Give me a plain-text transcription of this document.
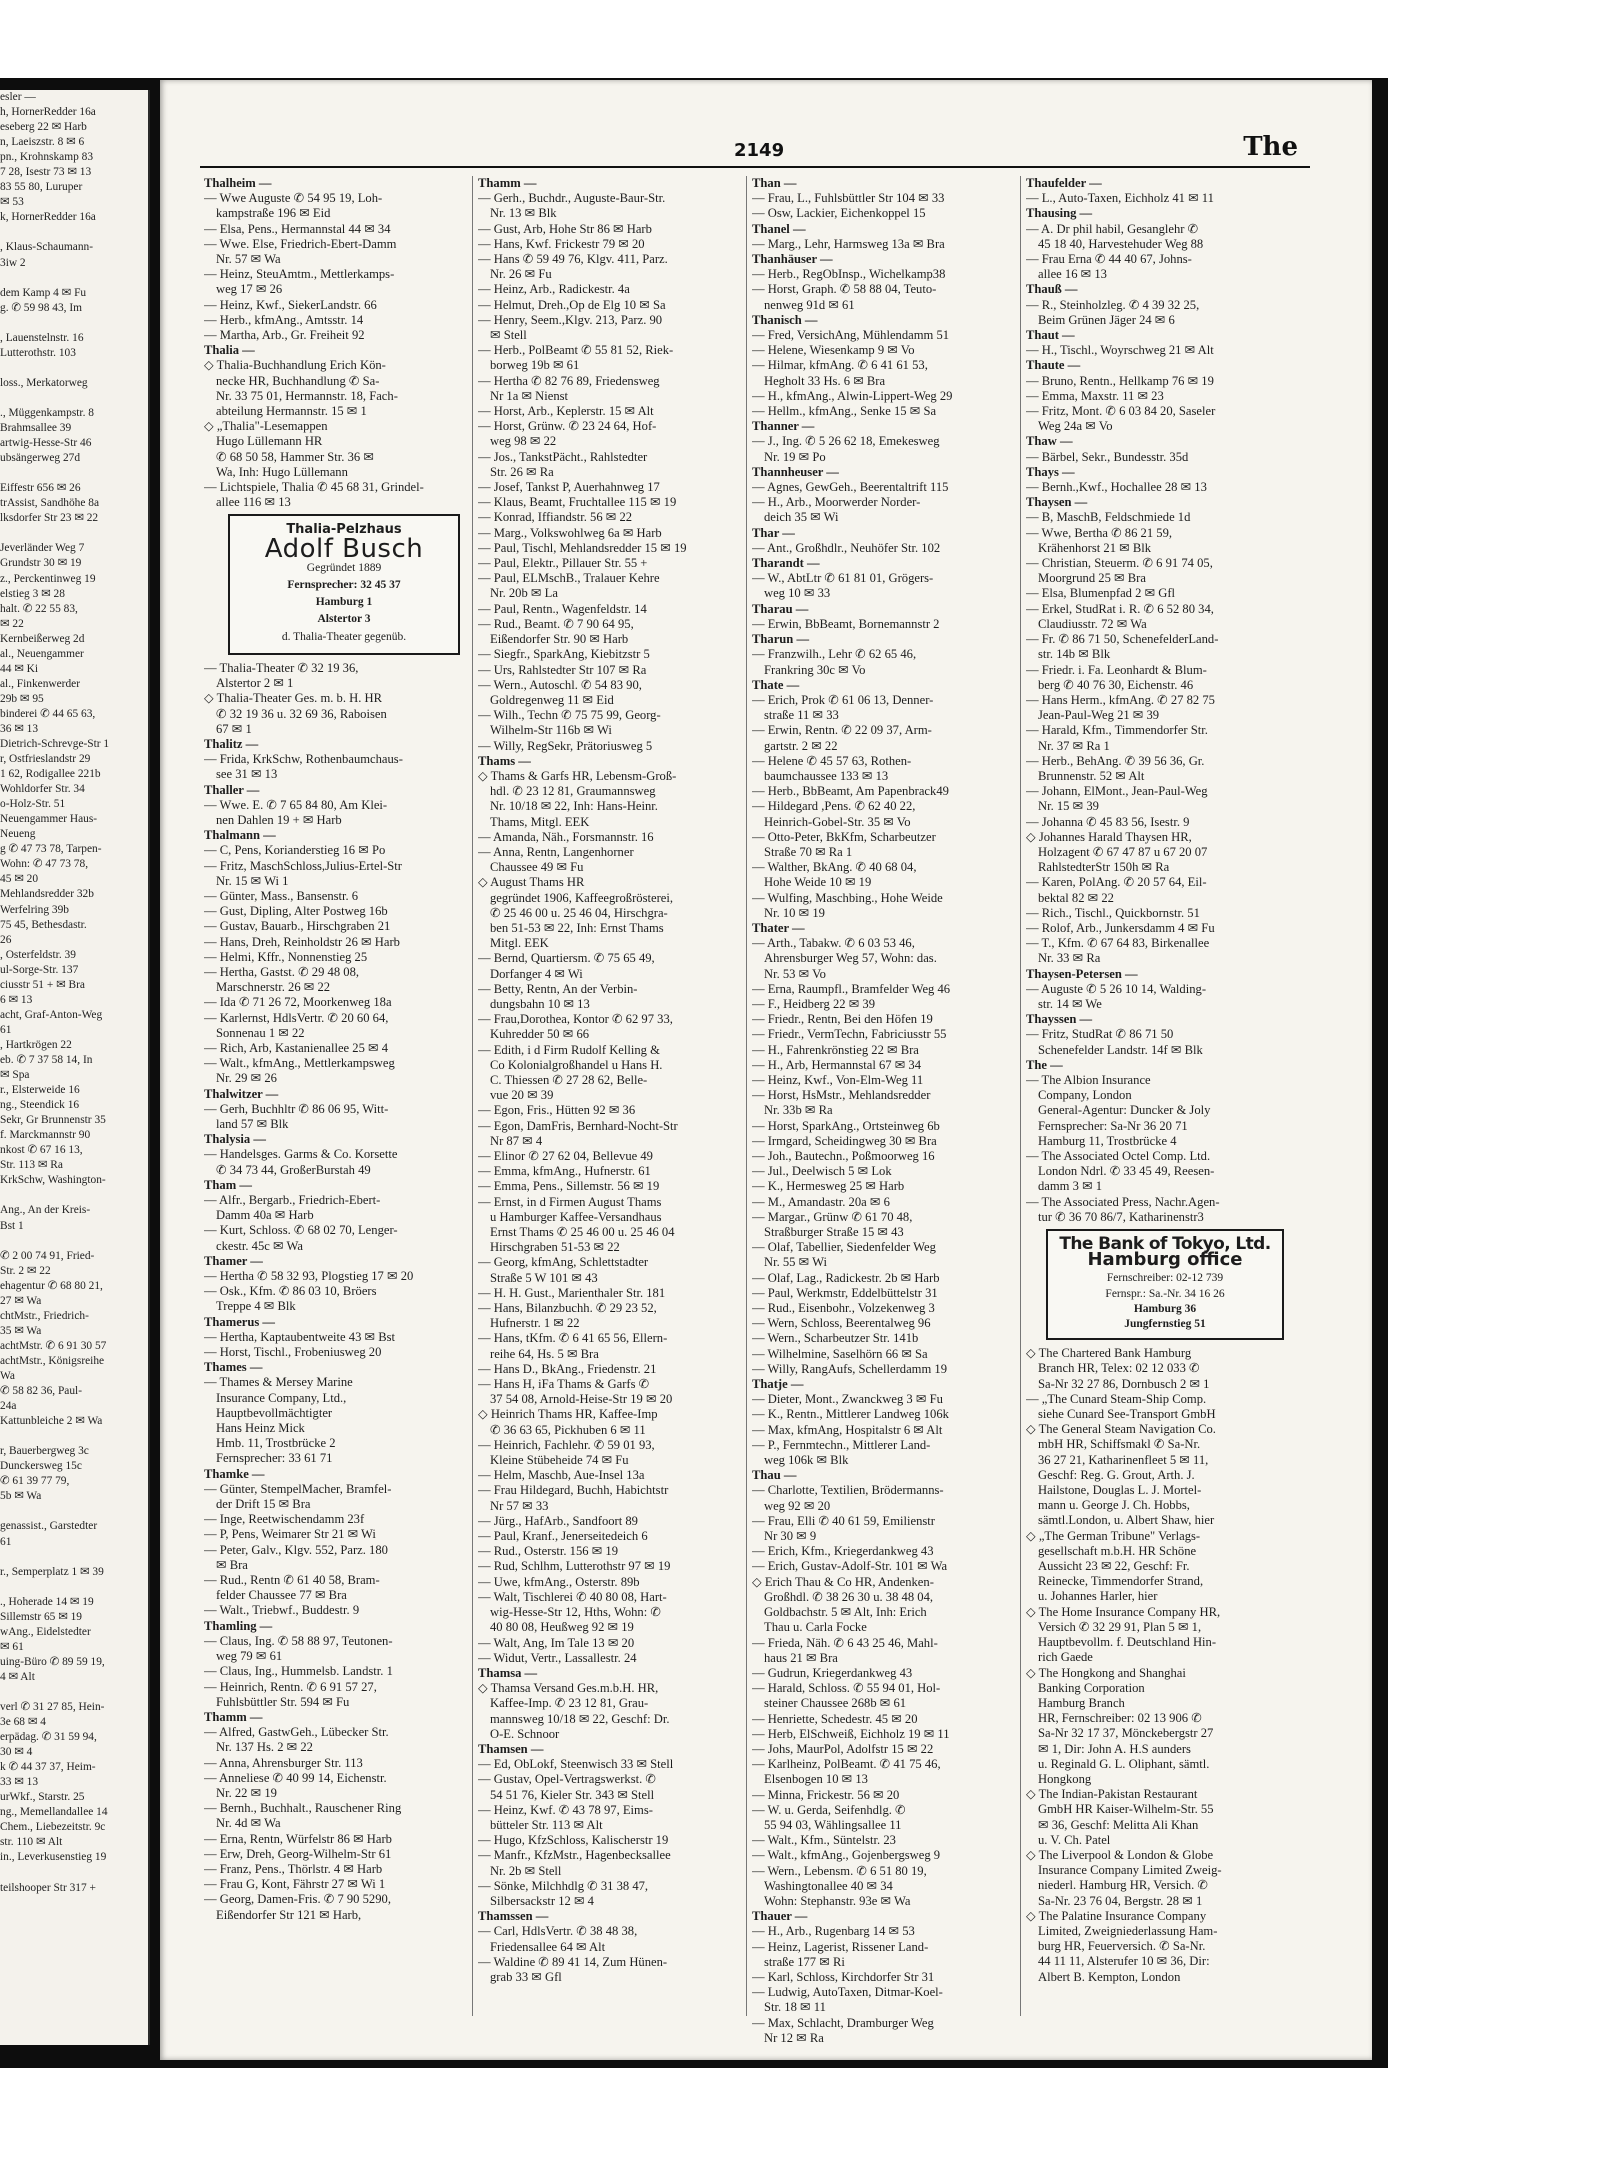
esler —
h, HornerRedder 16a
eseberg 22 ✉ Harb
n, Laeiszstr. 8 ✉ 6
pn., Krohnskamp 83
7 28, Isestr 73 ✉ 13
83 55 80, Luruper
✉ 53
k, HornerRedder 16a

, Klaus-Schaumann-
3iw 2

dem Kamp 4 ✉ Fu
g. ✆ 59 98 43, Im

, Lauenstelnstr. 16
Lutterothstr. 103

loss., Merkatorweg

., Müggenkampstr. 8
Brahmsallee 39
artwig-Hesse-Str 46
ubsängerweg 27d

Eiffestr 656 ✉ 26
trAssist, Sandhöhe 8a
lksdorfer Str 23 ✉ 22

Jeverländer Weg 7
Grundstr 30 ✉ 19
z., Perckentinweg 19
elstieg 3 ✉ 28
halt. ✆ 22 55 83,
✉ 22
Kernbeißerweg 2d
al., Neuengammer
44 ✉ Ki
al., Finkenwerder
29b ✉ 95
binderei ✆ 44 65 63,
36 ✉ 13
Dietrich-Schrevge-Str 1
r, Ostfrieslandstr 29
1 62, Rodigallee 221b
Wohldorfer Str. 34
o-Holz-Str. 51
Neuengammer Haus-
Neueng
g ✆ 47 73 78, Tarpen-
Wohn: ✆ 47 73 78,
45 ✉ 20
Mehlandsredder 32b
Werfelring 39b
75 45, Bethesdastr.
26
, Osterfeldstr. 39
ul-Sorge-Str. 137
ciusstr 51 + ✉ Bra
6 ✉ 13
acht, Graf-Anton-Weg
61
, Hartkrögen 22
eb. ✆ 7 37 58 14, In
✉ Spa
r., Elsterweide 16
ng., Steendick 16
Sekr, Gr Brunnenstr 35
f. Marckmannstr 90
nkost ✆ 67 16 13,
Str. 113 ✉ Ra
KrkSchw, Washington-

Ang., An der Kreis-
Bst 1

✆ 2 00 74 91, Fried-
Str. 2 ✉ 22
ehagentur ✆ 68 80 21,
27 ✉ Wa
chtMstr., Friedrich-
35 ✉ Wa
achtMstr. ✆ 6 91 30 57
achtMstr., Königsreihe
Wa
✆ 58 82 36, Paul-
24a
Kattunbleiche 2 ✉ Wa

r, Bauerbergweg 3c
Dunckersweg 15c
✆ 61 39 77 79,
5b ✉ Wa

genassist., Garstedter
61

r., Semperplatz 1 ✉ 39

., Hoherade 14 ✉ 19
Sillemstr 65 ✉ 19
wAng., Eidelstedter
✉ 61
uing-Büro ✆ 89 59 19,
4 ✉ Alt

verl ✆ 31 27 85, Hein-
3e 68 ✉ 4
erpädag. ✆ 31 59 94,
30 ✉ 4
k ✆ 44 37 37, Heim-
33 ✉ 13
urWkf., Starstr. 25
ng., Memellandallee 14
Chem., Liebezeitstr. 9c
str. 110 ✉ Alt
in., Leverkusenstieg 19

teilshooper Str 317 +
2149	The
Thalheim —
— Wwe Auguste ✆ 54 95 19, Loh-
kampstraße 196 ✉ Eid
— Elsa, Pens., Hermannstal 44 ✉ 34
— Wwe. Else, Friedrich-Ebert-Damm
Nr. 57 ✉ Wa
— Heinz, SteuAmtm., Mettlerkamps-
weg 17 ✉ 26
— Heinz, Kwf., SiekerLandstr. 66
— Herb., kfmAng., Amtsstr. 14
— Martha, Arb., Gr. Freiheit 92
Thalia —
◇ Thalia-Buchhandlung Erich Kön-
necke HR, Buchhandlung ✆ Sa-
Nr. 33 75 01, Hermannstr. 18, Fach-
abteilung Hermannstr. 15 ✉ 1
◇ „Thalia"-Lesemappen
Hugo Lüllemann HR
✆ 68 50 58, Hammer Str. 36 ✉
Wa, Inh: Hugo Lüllemann
— Lichtspiele, Thalia ✆ 45 68 31, Grindel-
allee 116 ✉ 13
Thalia-Pelzhaus
Adolf Busch
Gegründet 1889
Fernsprecher: 32 45 37
Hamburg 1
Alstertor 3
d. Thalia-Theater gegenüb.
— Thalia-Theater ✆ 32 19 36,
Alstertor 2 ✉ 1
◇ Thalia-Theater Ges. m. b. H. HR
✆ 32 19 36 u. 32 69 36, Raboisen
67 ✉ 1
Thalitz —
— Frida, KrkSchw, Rothenbaumchaus-
see 31 ✉ 13
Thaller —
— Wwe. E. ✆ 7 65 84 80, Am Klei-
nen Dahlen 19 + ✉ Harb
Thalmann —
— C, Pens, Korianderstieg 16 ✉ Po
— Fritz, MaschSchloss,Julius-Ertel-Str
Nr. 15 ✉ Wi 1
— Günter, Mass., Bansenstr. 6
— Gust, Dipling, Alter Postweg 16b
— Gustav, Bauarb., Hirschgraben 21
— Hans, Dreh, Reinholdstr 26 ✉ Harb
— Helmi, Kffr., Nonnenstieg 25
— Hertha, Gastst. ✆ 29 48 08,
Marschnerstr. 26 ✉ 22
— Ida ✆ 71 26 72, Moorkenweg 18a
— Karlernst, HdlsVertr. ✆ 20 60 64,
Sonnenau 1 ✉ 22
— Rich, Arb, Kastanienallee 25 ✉ 4
— Walt., kfmAng., Mettlerkampsweg
Nr. 29 ✉ 26
Thalwitzer —
— Gerh, Buchhltr ✆ 86 06 95, Witt-
land 57 ✉ Blk
Thalysia —
— Handelsges. Garms & Co. Korsette
✆ 34 73 44, GroßerBurstah 49
Tham —
— Alfr., Bergarb., Friedrich-Ebert-
Damm 40a ✉ Harb
— Kurt, Schloss. ✆ 68 02 70, Lenger-
ckestr. 45c ✉ Wa
Thamer —
— Hertha ✆ 58 32 93, Plogstieg 17 ✉ 20
— Osk., Kfm. ✆ 86 03 10, Bröers
Treppe 4 ✉ Blk
Thamerus —
— Hertha, Kaptaubentweite 43 ✉ Bst
— Horst, Tischl., Frobeniusweg 20
Thames —
— Thames & Mersey Marine
Insurance Company, Ltd.,
Hauptbevollmächtigter
Hans Heinz Mick
Hmb. 11, Trostbrücke 2
Fernsprecher: 33 61 71
Thamke —
— Günter, StempelMacher, Bramfel-
der Drift 15 ✉ Bra
— Inge, Reetwischendamm 23f
— P, Pens, Weimarer Str 21 ✉ Wi
— Peter, Galv., Klgv. 552, Parz. 180
✉ Bra
— Rud., Rentn ✆ 61 40 58, Bram-
felder Chaussee 77 ✉ Bra
— Walt., Triebwf., Buddestr. 9
Thamling —
— Claus, Ing. ✆ 58 88 97, Teutonen-
weg 79 ✉ 61
— Claus, Ing., Hummelsb. Landstr. 1
— Heinrich, Rentn. ✆ 6 91 57 27,
Fuhlsbüttler Str. 594 ✉ Fu
Thamm —
— Alfred, GastwGeh., Lübecker Str.
Nr. 137 Hs. 2 ✉ 22
— Anna, Ahrensburger Str. 113
— Anneliese ✆ 40 99 14, Eichenstr.
Nr. 22 ✉ 19
— Bernh., Buchhalt., Rauschener Ring
Nr. 4d ✉ Wa
— Erna, Rentn, Würfelstr 86 ✉ Harb
— Erw, Dreh, Georg-Wilhelm-Str 61
— Franz, Pens., Thörlstr. 4 ✉ Harb
— Frau G, Kont, Fährstr 27 ✉ Wi 1
— Georg, Damen-Fris. ✆ 7 90 5290,
Eißendorfer Str 121 ✉ Harb,
Thamm —
— Gerh., Buchdr., Auguste-Baur-Str.
Nr. 13 ✉ Blk
— Gust, Arb, Hohe Str 86 ✉ Harb
— Hans, Kwf. Frickestr 79 ✉ 20
— Hans ✆ 59 49 76, Klgv. 411, Parz.
Nr. 26 ✉ Fu
— Heinz, Arb., Radickestr. 4a
— Helmut, Dreh.,Op de Elg 10 ✉ Sa
— Henry, Seem.,Klgv. 213, Parz. 90
✉ Stell
— Herb., PolBeamt ✆ 55 81 52, Riek-
borweg 19b ✉ 61
— Hertha ✆ 82 76 89, Friedensweg
Nr 1a ✉ Nienst
— Horst, Arb., Keplerstr. 15 ✉ Alt
— Horst, Grünw. ✆ 23 24 64, Hof-
weg 98 ✉ 22
— Jos., TankstPächt., Rahlstedter
Str. 26 ✉ Ra
— Josef, Tankst P, Auerhahnweg 17
— Klaus, Beamt, Fruchtallee 115 ✉ 19
— Konrad, Iffiandstr. 56 ✉ 22
— Marg., Volkswohlweg 6a ✉ Harb
— Paul, Tischl, Mehlandsredder 15 ✉ 19
— Paul, Elektr., Pillauer Str. 55 +
— Paul, ELMschB., Tralauer Kehre
Nr. 20b ✉ La
— Paul, Rentn., Wagenfeldstr. 14
— Rud., Beamt. ✆ 7 90 64 95,
Eißendorfer Str. 90 ✉ Harb
— Siegfr., SparkAng, Kiebitzstr 5
— Urs, Rahlstedter Str 107 ✉ Ra
— Wern., Autoschl. ✆ 54 83 90,
Goldregenweg 11 ✉ Eid
— Wilh., Techn ✆ 75 75 99, Georg-
Wilhelm-Str 116b ✉ Wi
— Willy, RegSekr, Prätoriusweg 5
Thams —
◇ Thams & Garfs HR, Lebensm-Groß-
hdl. ✆ 23 12 81, Graumannsweg
Nr. 10/18 ✉ 22, Inh: Hans-Heinr.
Thams, Mitgl. EEK
— Amanda, Näh., Forsmannstr. 16
— Anna, Rentn, Langenhorner
Chaussee 49 ✉ Fu
◇ August Thams HR
gegründet 1906, Kaffeegroßrösterei,
✆ 25 46 00 u. 25 46 04, Hirschgra-
ben 51-53 ✉ 22, Inh: Ernst Thams
Mitgl. EEK
— Bernd, Quartiersm. ✆ 75 65 49,
Dorfanger 4 ✉ Wi
— Betty, Rentn, An der Verbin-
dungsbahn 10 ✉ 13
— Frau,Dorothea, Kontor ✆ 62 97 33,
Kuhredder 50 ✉ 66
— Edith, i d Firm Rudolf Kelling &
Co Kolonialgroßhandel u Hans H.
C. Thiessen ✆ 27 28 62, Belle-
vue 20 ✉ 39
— Egon, Fris., Hütten 92 ✉ 36
— Egon, DamFris, Bernhard-Nocht-Str
Nr 87 ✉ 4
— Elinor ✆ 27 62 04, Bellevue 49
— Emma, kfmAng., Hufnerstr. 61
— Emma, Pens., Sillemstr. 56 ✉ 19
— Ernst, in d Firmen August Thams
u Hamburger Kaffee-Versandhaus
Ernst Thams ✆ 25 46 00 u. 25 46 04
Hirschgraben 51-53 ✉ 22
— Georg, kfmAng, Schlettstadter
Straße 5 W 101 ✉ 43
— H. H. Gust., Marienthaler Str. 181
— Hans, Bilanzbuchh. ✆ 29 23 52,
Hufnerstr. 1 ✉ 22
— Hans, tKfm. ✆ 6 41 65 56, Ellern-
reihe 64, Hs. 5 ✉ Bra
— Hans D., BkAng., Friedenstr. 21
— Hans H, iFa Thams & Garfs ✆
37 54 08, Arnold-Heise-Str 19 ✉ 20
◇ Heinrich Thams HR, Kaffee-Imp
✆ 36 63 65, Pickhuben 6 ✉ 11
— Heinrich, Fachlehr. ✆ 59 01 93,
Kleine Stübeheide 74 ✉ Fu
— Helm, Maschb, Aue-Insel 13a
— Frau Hildegard, Buchh, Habichtstr
Nr 57 ✉ 33
— Jürg., HafArb., Sandfoort 89
— Paul, Kranf., Jenerseitedeich 6
— Rud., Osterstr. 156 ✉ 19
— Rud, Schlhm, Lutterothstr 97 ✉ 19
— Uwe, kfmAng., Osterstr. 89b
— Walt, Tischlerei ✆ 40 80 08, Hart-
wig-Hesse-Str 12, Hths, Wohn: ✆
40 80 08, Heußweg 92 ✉ 19
— Walt, Ang, Im Tale 13 ✉ 20
— Widut, Vertr., Lassallestr. 24
Thamsa —
◇ Thamsa Versand Ges.m.b.H. HR,
Kaffee-Imp. ✆ 23 12 81, Grau-
mannsweg 10/18 ✉ 22, Geschf: Dr.
O-E. Schnoor
Thamsen —
— Ed, ObLokf, Steenwisch 33 ✉ Stell
— Gustav, Opel-Vertragswerkst. ✆
54 51 76, Kieler Str. 343 ✉ Stell
— Heinz, Kwf. ✆ 43 78 97, Eims-
bütteler Str. 113 ✉ Alt
— Hugo, KfzSchloss, Kalischerstr 19
— Manfr., KfzMstr., Hagenbecksallee
Nr. 2b ✉ Stell
— Sönke, Milchhdlg ✆ 31 38 47,
Silbersackstr 12 ✉ 4
Thamssen —
— Carl, HdlsVertr. ✆ 38 48 38,
Friedensallee 64 ✉ Alt
— Waldine ✆ 89 41 14, Zum Hünen-
grab 33 ✉ Gfl
Than —
— Frau, L., Fuhlsbüttler Str 104 ✉ 33
— Osw, Lackier, Eichenkoppel 15
Thanel —
— Marg., Lehr, Harmsweg 13a ✉ Bra
Thanhäuser —
— Herb., RegObInsp., Wichelkamp38
— Horst, Graph. ✆ 58 88 04, Teuto-
nenweg 91d ✉ 61
Thanisch —
— Fred, VersichAng, Mühlendamm 51
— Helene, Wiesenkamp 9 ✉ Vo
— Hilmar, kfmAng. ✆ 6 41 61 53,
Hegholt 33 Hs. 6 ✉ Bra
— H., kfmAng., Alwin-Lippert-Weg 29
— Hellm., kfmAng., Senke 15 ✉ Sa
Thanner —
— J., Ing. ✆ 5 26 62 18, Emekesweg
Nr. 19 ✉ Po
Thannheuser —
— Agnes, GewGeh., Beerentaltrift 115
— H., Arb., Moorwerder Norder-
deich 35 ✉ Wi
Thar —
— Ant., Großhdlr., Neuhöfer Str. 102
Tharandt —
— W., AbtLtr ✆ 61 81 01, Grögers-
weg 10 ✉ 33
Tharau —
— Erwin, BbBeamt, Bornemannstr 2
Tharun —
— Franzwilh., Lehr ✆ 62 65 46,
Frankring 30c ✉ Vo
Thate —
— Erich, Prok ✆ 61 06 13, Denner-
straße 11 ✉ 33
— Erwin, Rentn. ✆ 22 09 37, Arm-
gartstr. 2 ✉ 22
— Helene ✆ 45 57 63, Rothen-
baumchaussee 133 ✉ 13
— Herb., BbBeamt, Am Papenbrack49
— Hildegard ,Pens. ✆ 62 40 22,
Heinrich-Gobel-Str. 35 ✉ Vo
— Otto-Peter, BkKfm, Scharbeutzer
Straße 70 ✉ Ra 1
— Walther, BkAng. ✆ 40 68 04,
Hohe Weide 10 ✉ 19
— Wulfing, Maschbing., Hohe Weide
Nr. 10 ✉ 19
Thater —
— Arth., Tabakw. ✆ 6 03 53 46,
Ahrensburger Weg 57, Wohn: das.
Nr. 53 ✉ Vo
— Erna, Raumpfl., Bramfelder Weg 46
— F., Heidberg 22 ✉ 39
— Friedr., Rentn, Bei den Höfen 19
— Friedr., VermTechn, Fabriciusstr 55
— H., Fahrenkrönstieg 22 ✉ Bra
— H., Arb, Hermannstal 67 ✉ 34
— Heinz, Kwf., Von-Elm-Weg 11
— Horst, HsMstr., Mehlandsredder
Nr. 33b ✉ Ra
— Horst, SparkAng., Ortsteinweg 6b
— Irmgard, Scheidingweg 30 ✉ Bra
— Joh., Bautechn., Poßmoorweg 16
— Jul., Deelwisch 5 ✉ Lok
— K., Hermesweg 25 ✉ Harb
— M., Amandastr. 20a ✉ 6
— Margar., Grünw ✆ 61 70 48,
Straßburger Straße 15 ✉ 43
— Olaf, Tabellier, Siedenfelder Weg
Nr. 55 ✉ Wi
— Olaf, Lag., Radickestr. 2b ✉ Harb
— Paul, Werkmstr, Eddelbüttelstr 31
— Rud., Eisenbohr., Volzekenweg 3
— Wern, Schloss, Beerentalweg 96
— Wern., Scharbeutzer Str. 141b
— Wilhelmine, Saselhörn 66 ✉ Sa
— Willy, RangAufs, Schellerdamm 19
Thatje —
— Dieter, Mont., Zwanckweg 3 ✉ Fu
— K., Rentn., Mittlerer Landweg 106k
— Max, kfmAng, Hospitalstr 6 ✉ Alt
— P., Fernmtechn., Mittlerer Land-
weg 106k ✉ Blk
Thau —
— Charlotte, Textilien, Brödermanns-
weg 92 ✉ 20
— Frau, Elli ✆ 40 61 59, Emilienstr
Nr 30 ✉ 9
— Erich, Kfm., Kriegerdankweg 43
— Erich, Gustav-Adolf-Str. 101 ✉ Wa
◇ Erich Thau & Co HR, Andenken-
Großhdl. ✆ 38 26 30 u. 38 48 04,
Goldbachstr. 5 ✉ Alt, Inh: Erich
Thau u. Carla Focke
— Frieda, Näh. ✆ 6 43 25 46, Mahl-
haus 21 ✉ Bra
— Gudrun, Kriegerdankweg 43
— Harald, Schloss. ✆ 55 94 01, Hol-
steiner Chaussee 268b ✉ 61
— Henriette, Schedestr. 45 ✉ 20
— Herb, ElSchweiß, Eichholz 19 ✉ 11
— Johs, MaurPol, Adolfstr 15 ✉ 22
— Karlheinz, PolBeamt. ✆ 41 75 46,
Elsenbogen 10 ✉ 13
— Minna, Frickestr. 56 ✉ 20
— W. u. Gerda, Seifenhdlg. ✆
55 94 03, Wählingsallee 11
— Walt., Kfm., Süntelstr. 23
— Walt., kfmAng., Gojenbergsweg 9
— Wern., Lebensm. ✆ 6 51 80 19,
Washingtonallee 40 ✉ 34
Wohn: Stephanstr. 93e ✉ Wa
Thauer —
— H., Arb., Rugenbarg 14 ✉ 53
— Heinz, Lagerist, Rissener Land-
straße 177 ✉ Ri
— Karl, Schloss, Kirchdorfer Str 31
— Ludwig, AutoTaxen, Ditmar-Koel-
Str. 18 ✉ 11
— Max, Schlacht, Dramburger Weg
Nr 12 ✉ Ra
Thaufelder —
— L., Auto-Taxen, Eichholz 41 ✉ 11
Thausing —
— A. Dr phil habil, Gesanglehr ✆
45 18 40, Harvestehuder Weg 88
— Frau Erna ✆ 44 40 67, Johns-
allee 16 ✉ 13
Thauß —
— R., Steinholzleg. ✆ 4 39 32 25,
Beim Grünen Jäger 24 ✉ 6
Thaut —
— H., Tischl., Woyrschweg 21 ✉ Alt
Thaute —
— Bruno, Rentn., Hellkamp 76 ✉ 19
— Emma, Maxstr. 11 ✉ 23
— Fritz, Mont. ✆ 6 03 84 20, Saseler
Weg 24a ✉ Vo
Thaw —
— Bärbel, Sekr., Bundesstr. 35d
Thays —
— Bernh.,Kwf., Hochallee 28 ✉ 13
Thaysen —
— B, MaschB, Feldschmiede 1d
— Wwe, Bertha ✆ 86 21 59,
Krähenhorst 21 ✉ Blk
— Christian, Steuerm. ✆ 6 91 74 05,
Moorgrund 25 ✉ Bra
— Elsa, Blumenpfad 2 ✉ Gfl
— Erkel, StudRat i. R. ✆ 6 52 80 34,
Claudiusstr. 72 ✉ Wa
— Fr. ✆ 86 71 50, SchenefelderLand-
str. 14b ✉ Blk
— Friedr. i. Fa. Leonhardt & Blum-
berg ✆ 40 76 30, Eichenstr. 46
— Hans Herm., kfmAng. ✆ 27 82 75
Jean-Paul-Weg 21 ✉ 39
— Harald, Kfm., Timmendorfer Str.
Nr. 37 ✉ Ra 1
— Herb., BehAng. ✆ 39 56 36, Gr.
Brunnenstr. 52 ✉ Alt
— Johann, ElMont., Jean-Paul-Weg
Nr. 15 ✉ 39
— Johanna ✆ 45 83 56, Isestr. 9
◇ Johannes Harald Thaysen HR,
Holzagent ✆ 67 47 87 u 67 20 07
RahlstedterStr 150h ✉ Ra
— Karen, PolAng. ✆ 20 57 64, Eil-
bektal 82 ✉ 22
— Rich., Tischl., Quickbornstr. 51
— Rolof, Arb., Junkersdamm 4 ✉ Fu
— T., Kfm. ✆ 67 64 83, Birkenallee
Nr. 33 ✉ Ra
Thaysen-Petersen —
— Auguste ✆ 5 26 10 14, Walding-
str. 14 ✉ We
Thayssen —
— Fritz, StudRat ✆ 86 71 50
Schenefelder Landstr. 14f ✉ Blk
The —
— The Albion Insurance
Company, London
General-Agentur: Duncker & Joly
Fernsprecher: Sa-Nr 36 20 71
Hamburg 11, Trostbrücke 4
— The Associated Octel Comp. Ltd.
London Ndrl. ✆ 33 45 49, Reesen-
damm 3 ✉ 1
— The Associated Press, Nachr.Agen-
tur ✆ 36 70 86/7, Katharinenstr3
The Bank of Tokyo, Ltd.
Hamburg office
Fernschreiber: 02-12 739
Fernspr.: Sa.-Nr. 34 16 26
Hamburg 36
Jungfernstieg 51
◇ The Chartered Bank Hamburg
Branch HR, Telex: 02 12 033 ✆
Sa-Nr 32 27 86, Dornbusch 2 ✉ 1
— „The Cunard Steam-Ship Comp.
siehe Cunard See-Transport GmbH
◇ The General Steam Navigation Co.
mbH HR, Schiffsmakl ✆ Sa-Nr.
36 27 21, Katharinenfleet 5 ✉ 11,
Geschf: Reg. G. Grout, Arth. J.
Hailstone, Douglas L. J. Mortel-
mann u. George J. Ch. Hobbs,
sämtl.London, u. Albert Shaw, hier
◇ „The German Tribune" Verlags-
gesellschaft m.b.H. HR Schöne
Aussicht 23 ✉ 22, Geschf: Fr.
Reinecke, Timmendorfer Strand,
u. Johannes Harler, hier
◇ The Home Insurance Company HR,
Versich ✆ 32 29 91, Plan 5 ✉ 1,
Hauptbevollm. f. Deutschland Hin-
rich Gaede
◇ The Hongkong and Shanghai
Banking Corporation
Hamburg Branch
HR, Fernschreiber: 02 13 906 ✆
Sa-Nr 32 17 37, Mönckebergstr 27
✉ 1, Dir: John A. H.S aunders
u. Reginald G. L. Oliphant, sämtl.
Hongkong
◇ The Indian-Pakistan Restaurant
GmbH HR Kaiser-Wilhelm-Str. 55
✉ 36, Geschf: Melitta Ali Khan
u. V. Ch. Patel
◇ The Liverpool & London & Globe
Insurance Company Limited Zweig-
niederl. Hamburg HR, Versich. ✆
Sa-Nr. 23 76 04, Bergstr. 28 ✉ 1
◇ The Palatine Insurance Company
Limited, Zweigniederlassung Ham-
burg HR, Feuerversich. ✆ Sa-Nr.
44 11 11, Alsterufer 10 ✉ 36, Dir:
Albert B. Kempton, London
